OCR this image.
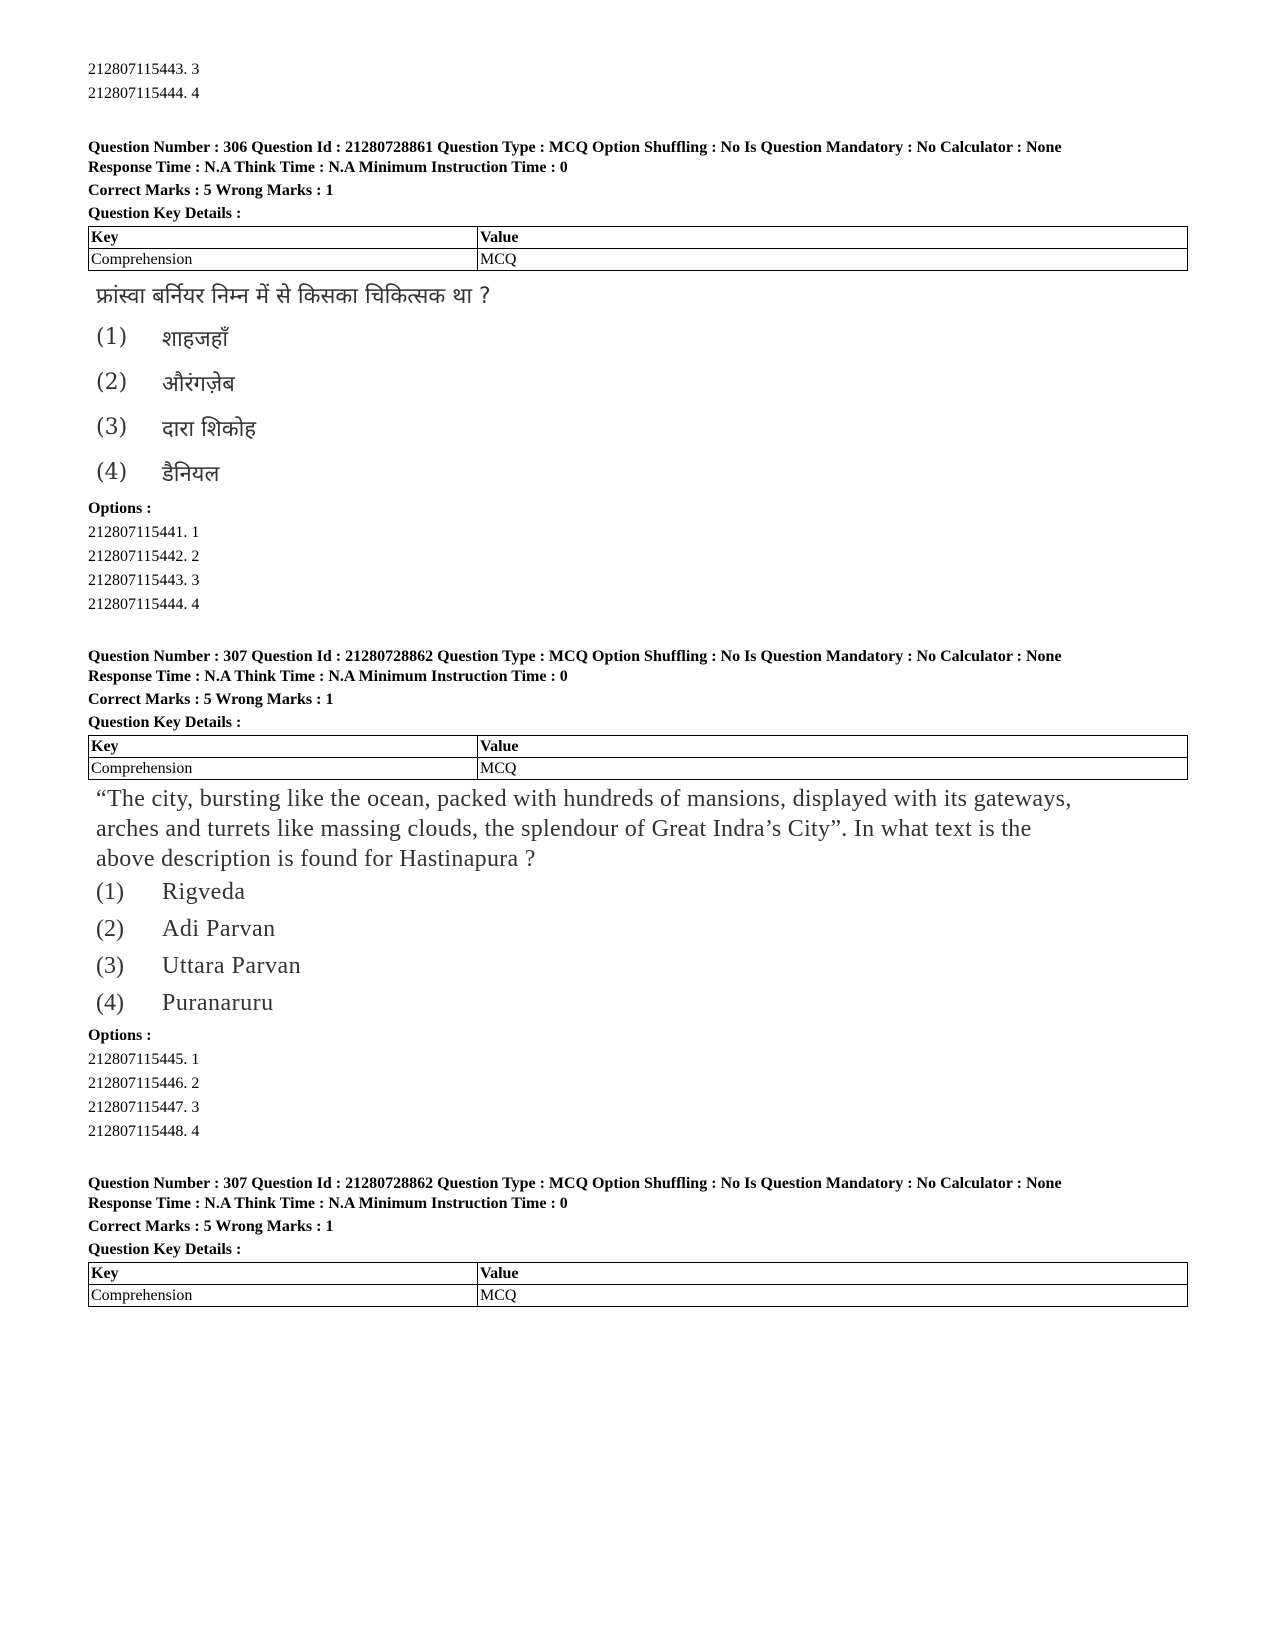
212807115443. 3
212807115444. 4
Question Number : 306 Question Id : 21280728861 Question Type : MCQ Option Shuffling : No Is Question Mandatory : No Calculator : None
Response Time : N.A Think Time : N.A Minimum Instruction Time : 0
Correct Marks : 5 Wrong Marks : 1
Question Key Details :
Key	Value
Comprehension	MCQ
फ्रांस्वा बर्नियर निम्न में से किसका चिकित्सक था ?
(1)	शाहजहाँ
(2)	औरंगज़ेब
(3)	दारा शिकोह
(4)	डैनियल
Options :
212807115441. 1
212807115442. 2
212807115443. 3
212807115444. 4
Question Number : 307 Question Id : 21280728862 Question Type : MCQ Option Shuffling : No Is Question Mandatory : No Calculator : None
Response Time : N.A Think Time : N.A Minimum Instruction Time : 0
Correct Marks : 5 Wrong Marks : 1
Question Key Details :
Key	Value
Comprehension	MCQ
“The city, bursting like the ocean, packed with hundreds of mansions, displayed with its gateways,
arches and turrets like massing clouds, the splendour of Great Indra’s City”. In what text is the
above description is found for Hastinapura ?
(1)	Rigveda
(2)	Adi Parvan
(3)	Uttara Parvan
(4)	Puranaruru
Options :
212807115445. 1
212807115446. 2
212807115447. 3
212807115448. 4
Question Number : 307 Question Id : 21280728862 Question Type : MCQ Option Shuffling : No Is Question Mandatory : No Calculator : None
Response Time : N.A Think Time : N.A Minimum Instruction Time : 0
Correct Marks : 5 Wrong Marks : 1
Question Key Details :
Key	Value
Comprehension	MCQ
